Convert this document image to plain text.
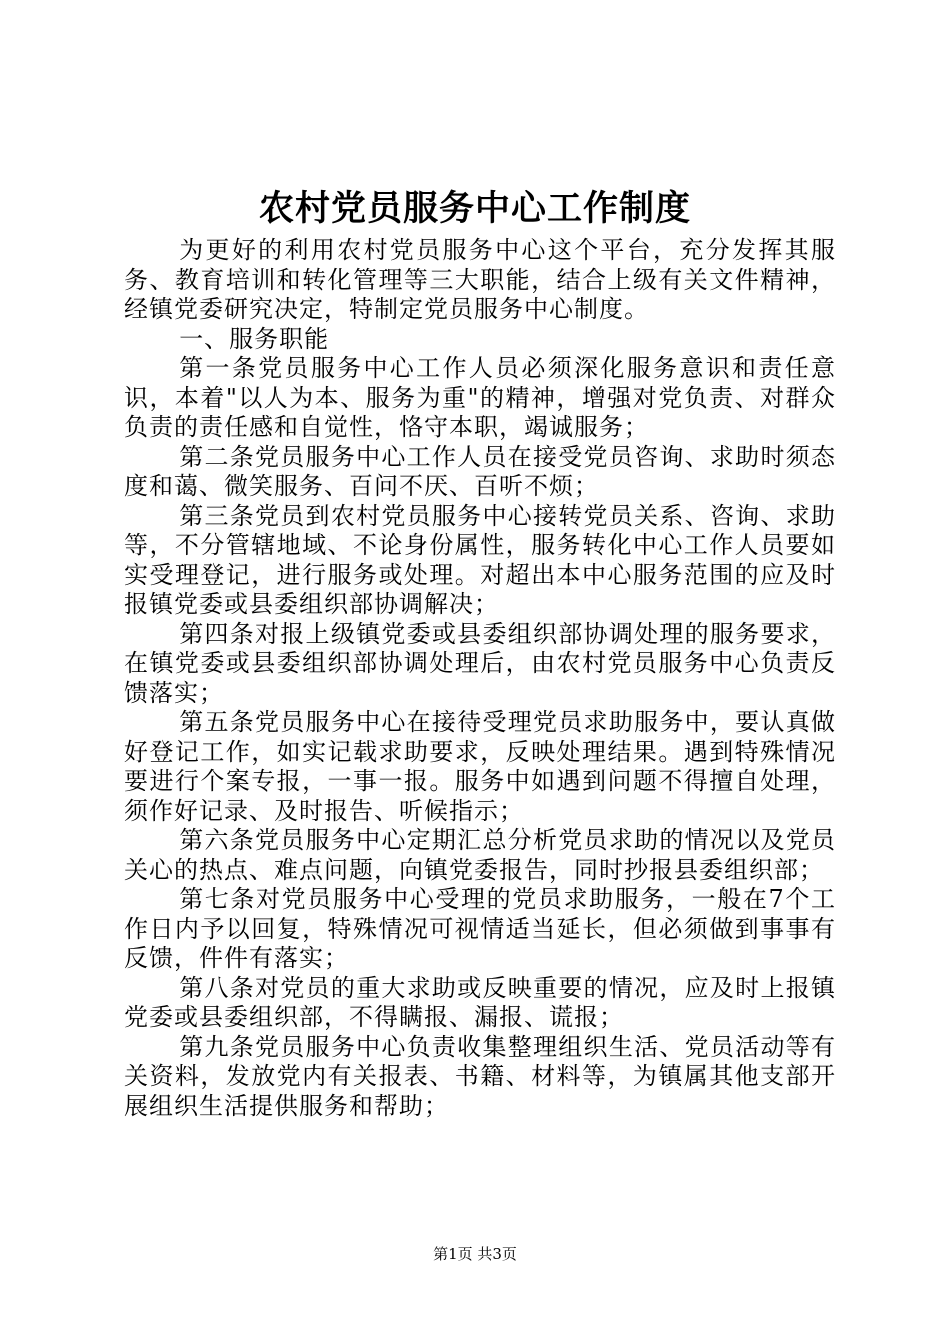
农村党员服务中心工作制度

为更好的利用农村党员服务中心这个平台，充分发挥其服务、教育培训和转化管理等三大职能，结合上级有关文件精神，经镇党委研究决定，特制定党员服务中心制度。

一、服务职能

第一条党员服务中心工作人员必须深化服务意识和责任意识，本着"以人为本、服务为重"的精神，增强对党负责、对群众负责的责任感和自觉性，恪守本职，竭诚服务；

第二条党员服务中心工作人员在接受党员咨询、求助时须态度和蔼、微笑服务、百问不厌、百听不烦；

第三条党员到农村党员服务中心接转党员关系、咨询、求助等，不分管辖地域、不论身份属性，服务转化中心工作人员要如实受理登记，进行服务或处理。对超出本中心服务范围的应及时报镇党委或县委组织部协调解决；

第四条对报上级镇党委或县委组织部协调处理的服务要求，在镇党委或县委组织部协调处理后，由农村党员服务中心负责反馈落实；

第五条党员服务中心在接待受理党员求助服务中，要认真做好登记工作，如实记载求助要求，反映处理结果。遇到特殊情况要进行个案专报，一事一报。服务中如遇到问题不得擅自处理，须作好记录、及时报告、听候指示；

第六条党员服务中心定期汇总分析党员求助的情况以及党员关心的热点、难点问题，向镇党委报告，同时抄报县委组织部；

第七条对党员服务中心受理的党员求助服务，一般在7个工作日内予以回复，特殊情况可视情适当延长，但必须做到事事有反馈，件件有落实；

第八条对党员的重大求助或反映重要的情况，应及时上报镇党委或县委组织部，不得瞒报、漏报、谎报；

第九条党员服务中心负责收集整理组织生活、党员活动等有关资料，发放党内有关报表、书籍、材料等，为镇属其他支部开展组织生活提供服务和帮助；

第1页 共3页
